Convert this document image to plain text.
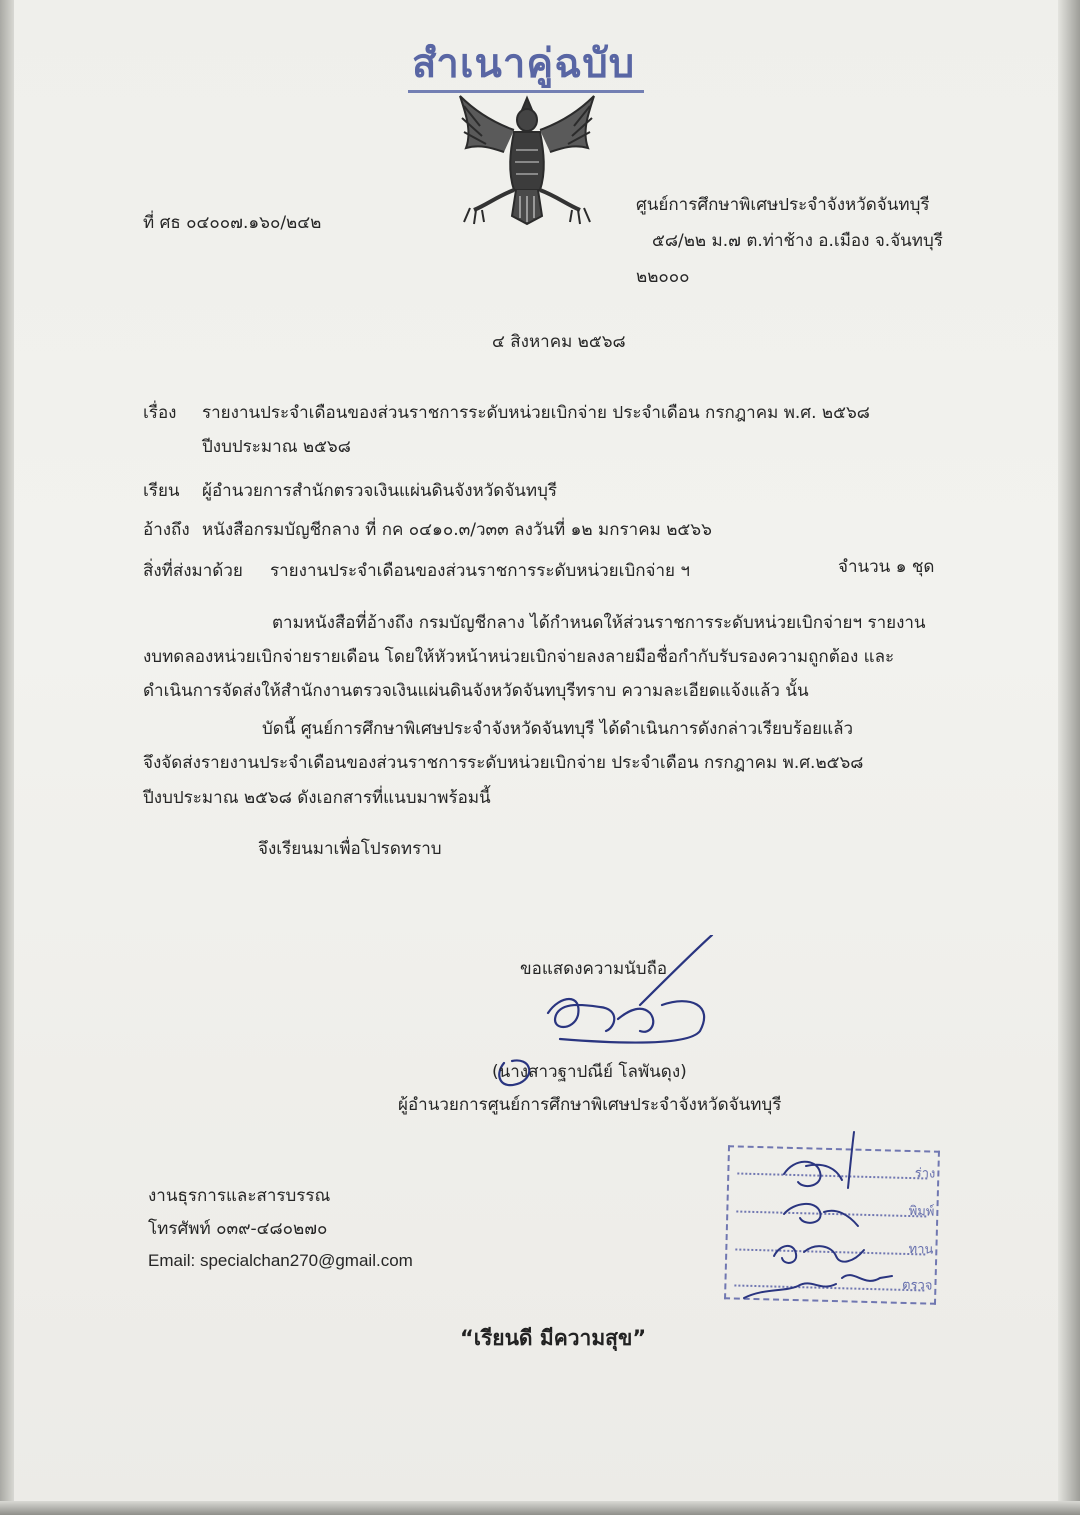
สำเนาคู่ฉบับ
ที่ ศธ ๐๔๐๐๗.๑๖๐/๒๔๒
ศูนย์การศึกษาพิเศษประจำจังหวัดจันทบุรี
๕๘/๒๒ ม.๗ ต.ท่าช้าง อ.เมือง จ.จันทบุรี
๒๒๐๐๐
๔ สิงหาคม ๒๕๖๘
เรื่อง รายงานประจำเดือนของส่วนราชการระดับหน่วยเบิกจ่าย ประจำเดือน กรกฎาคม พ.ศ. ๒๕๖๘
ปีงบประมาณ ๒๕๖๘
เรียน ผู้อำนวยการสำนักตรวจเงินแผ่นดินจังหวัดจันทบุรี
อ้างถึง หนังสือกรมบัญชีกลาง ที่ กค ๐๔๑๐.๓/ว๓๓ ลงวันที่ ๑๒ มกราคม ๒๕๖๖
สิ่งที่ส่งมาด้วย รายงานประจำเดือนของส่วนราชการระดับหน่วยเบิกจ่าย ฯ	จำนวน ๑ ชุด
ตามหนังสือที่อ้างถึง กรมบัญชีกลาง ได้กำหนดให้ส่วนราชการระดับหน่วยเบิกจ่ายฯ รายงาน
งบทดลองหน่วยเบิกจ่ายรายเดือน โดยให้หัวหน้าหน่วยเบิกจ่ายลงลายมือชื่อกำกับรับรองความถูกต้อง และ
ดำเนินการจัดส่งให้สำนักงานตรวจเงินแผ่นดินจังหวัดจันทบุรีทราบ ความละเอียดแจ้งแล้ว นั้น
บัดนี้ ศูนย์การศึกษาพิเศษประจำจังหวัดจันทบุรี ได้ดำเนินการดังกล่าวเรียบร้อยแล้ว
จึงจัดส่งรายงานประจำเดือนของส่วนราชการระดับหน่วยเบิกจ่าย ประจำเดือน กรกฎาคม พ.ศ.๒๕๖๘
ปีงบประมาณ ๒๕๖๘ ดังเอกสารที่แนบมาพร้อมนี้
จึงเรียนมาเพื่อโปรดทราบ
ขอแสดงความนับถือ
(นางสาวฐาปณีย์ โลพันดุง)
ผู้อำนวยการศูนย์การศึกษาพิเศษประจำจังหวัดจันทบุรี
งานธุรการและสารบรรณ
โทรศัพท์ ๐๓๙-๔๘๐๒๗๐
Email: specialchan270@gmail.com
ร่าง
พิมพ์
ทาน
ตรวจ
“เรียนดี มีความสุข”
